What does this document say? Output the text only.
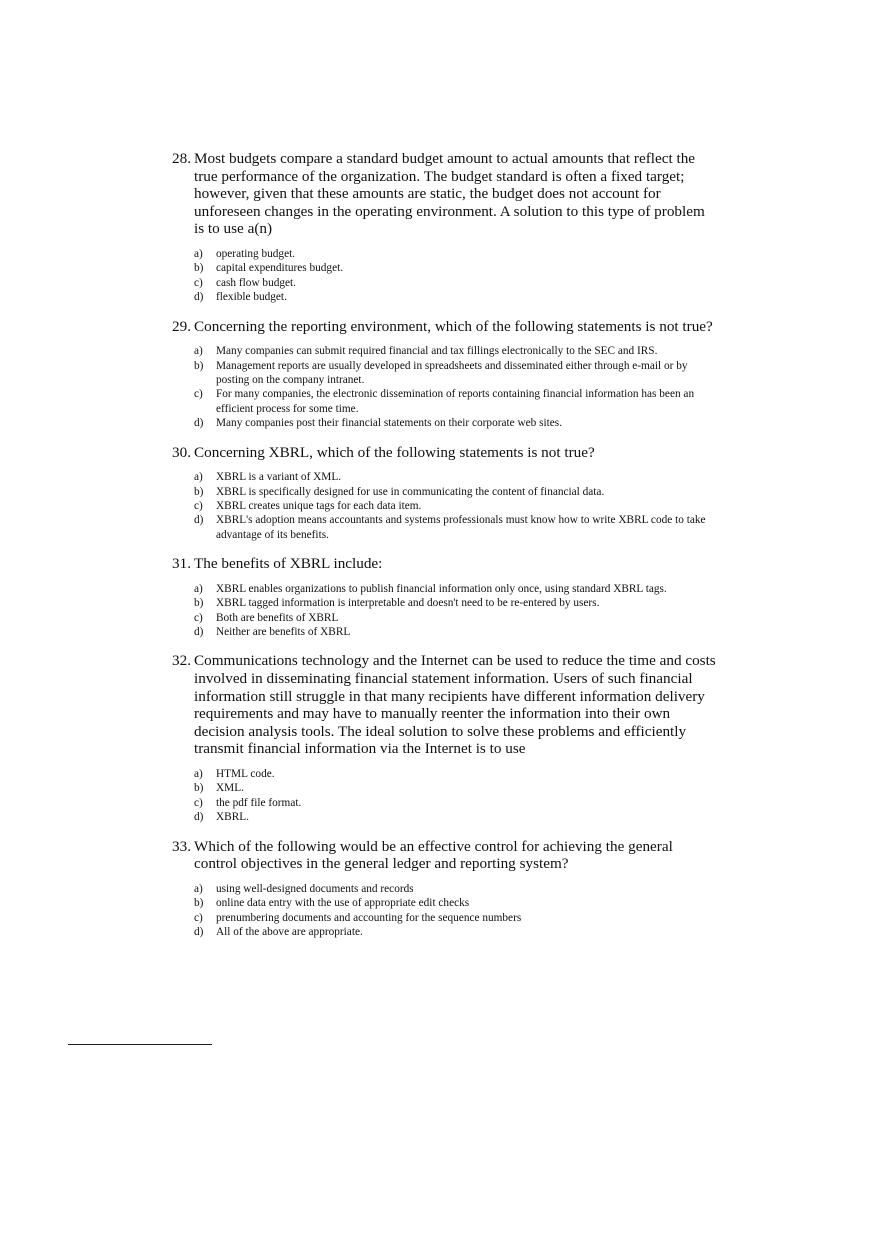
28. Most budgets compare a standard budget amount to actual amounts that reflect the true performance of the organization. The budget standard is often a fixed target; however, given that these amounts are static, the budget does not account for unforeseen changes in the operating environment. A solution to this type of problem is to use a(n)
a)	operating budget.
b)	capital expenditures budget.
c)	cash flow budget.
d)	flexible budget.
29. Concerning the reporting environment, which of the following statements is not true?
a)	Many companies can submit required financial and tax fillings electronically to the SEC and IRS.
b)	Management reports are usually developed in spreadsheets and disseminated either through e-mail or by posting on the company intranet.
c)	For many companies, the electronic dissemination of reports containing financial information has been an efficient process for some time.
d)	Many companies post their financial statements on their corporate web sites.
30. Concerning XBRL, which of the following statements is not true?
a)	XBRL is a variant of XML.
b)	XBRL is specifically designed for use in communicating the content of financial data.
c)	XBRL creates unique tags for each data item.
d)	XBRL's adoption means accountants and systems professionals must know how to write XBRL code to take advantage of its benefits.
31. The benefits of XBRL include:
a)	XBRL enables organizations to publish financial information only once, using standard XBRL tags.
b)	XBRL tagged information is interpretable and doesn't need to be re-entered by users.
c)	Both are benefits of XBRL
d)	Neither are benefits of XBRL
32. Communications technology and the Internet can be used to reduce the time and costs involved in disseminating financial statement information. Users of such financial information still struggle in that many recipients have different information delivery requirements and may have to manually reenter the information into their own decision analysis tools. The ideal solution to solve these problems and efficiently transmit financial information via the Internet is to use
a)	HTML code.
b)	XML.
c)	the pdf file format.
d)	XBRL.
33. Which of the following would be an effective control for achieving the general control objectives in the general ledger and reporting system?
a)	using well-designed documents and records
b)	online data entry with the use of appropriate edit checks
c)	prenumbering documents and accounting for the sequence numbers
d)	All of the above are appropriate.
